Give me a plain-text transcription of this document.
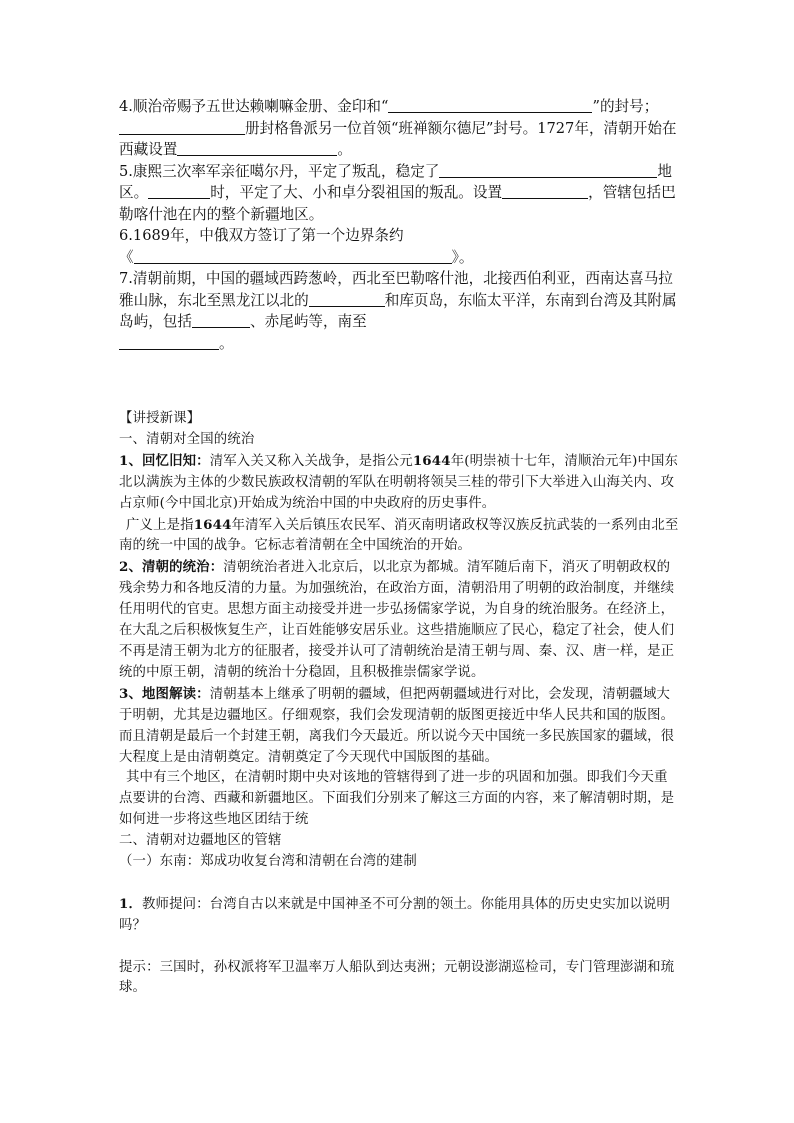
4.顺治帝赐予五世达赖喇嘛金册、金印和“	”的封号；册封格鲁派另一位首领“班禅额尔德尼”封号。1727年，清朝开始在西藏设置	。

5.康熙三次率军亲征噶尔丹，平定了叛乱，稳定了	地区。	时，平定了大、小和卓分裂祖国的叛乱。设置	，管辖包括巴勒喀什池在内的整个新疆地区。

6.1689年，中俄双方签订了第一个边界条约
《	》。

7.清朝前期，中国的疆域西跨葱岭，西北至巴勒喀什池，北接西伯利亚，西南达喜马拉雅山脉，东北至黑龙江以北的	和库页岛，东临太平洋，东南到台湾及其附属岛屿，包括	、赤尾屿等，南至
。

【讲授新课】

一、清朝对全国的统治

1、回忆旧知：清军入关又称入关战争，是指公元1644年(明崇祯十七年，清顺治元年)中国东北以满族为主体的少数民族政权清朝的军队在明朝将领吴三桂的带引下大举进入山海关内、攻占京师(今中国北京)开始成为统治中国的中央政府的历史事件。

广义上是指1644年清军入关后镇压农民军、消灭南明诸政权等汉族反抗武装的一系列由北至南的统一中国的战争。它标志着清朝在全中国统治的开始。

2、清朝的统治：清朝统治者进入北京后，以北京为都城。清军随后南下，消灭了明朝政权的残余势力和各地反清的力量。为加强统治，在政治方面，清朝沿用了明朝的政治制度，并继续任用明代的官吏。思想方面主动接受并进一步弘扬儒家学说，为自身的统治服务。在经济上，在大乱之后积极恢复生产，让百姓能够安居乐业。这些措施顺应了民心，稳定了社会，使人们不再是清王朝为北方的征服者，接受并认可了清朝统治是清王朝与周、秦、汉、唐一样，是正统的中原王朝，清朝的统治十分稳固，且积极推崇儒家学说。

3、地图解读：清朝基本上继承了明朝的疆域，但把两朝疆域进行对比，会发现，清朝疆域大于明朝，尤其是边疆地区。仔细观察，我们会发现清朝的版图更接近中华人民共和国的版图。而且清朝是最后一个封建王朝，离我们今天最近。所以说今天中国统一多民族国家的疆域，很大程度上是由清朝奠定。清朝奠定了今天现代中国版图的基础。

其中有三个地区，在清朝时期中央对该地的管辖得到了进一步的巩固和加强。即我们今天重点要讲的台湾、西藏和新疆地区。下面我们分别来了解这三方面的内容，来了解清朝时期，是如何进一步将这些地区团结于统

二、清朝对边疆地区的管辖

（一）东南：郑成功收复台湾和清朝在台湾的建制

1．教师提问：台湾自古以来就是中国神圣不可分割的领土。你能用具体的历史史实加以说明吗？

提示：三国时，孙权派将军卫温率万人船队到达夷洲；元朝设澎湖巡检司，专门管理澎湖和琉球。
